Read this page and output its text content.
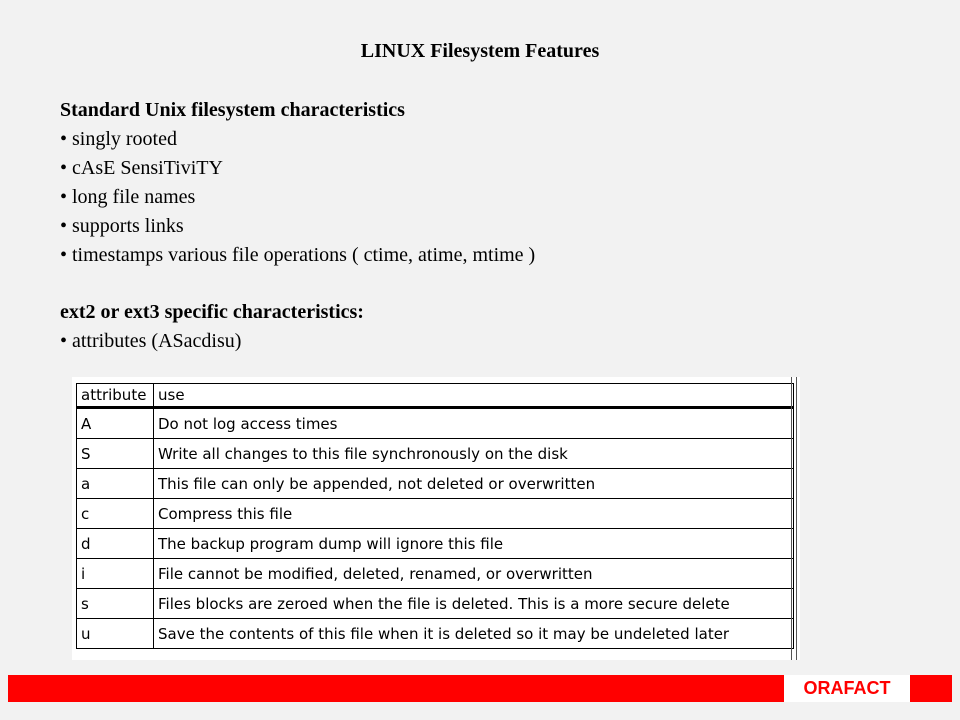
LINUX Filesystem Features
Standard Unix filesystem characteristics
• singly rooted
• cAsE SensiTiviTY
• long file names
• supports links
• timestamps various file operations ( ctime, atime, mtime )
ext2 or ext3 specific characteristics:
• attributes (ASacdisu)
attribute	use
A	Do not log access times
S	Write all changes to this file synchronously on the disk
a	This file can only be appended, not deleted or overwritten
c	Compress this file
d	The backup program dump will ignore this file
i	File cannot be modified, deleted, renamed, or overwritten
s	Files blocks are zeroed when the file is deleted. This is a more secure delete
u	Save the contents of this file when it is deleted so it may be undeleted later
ORAFACT
